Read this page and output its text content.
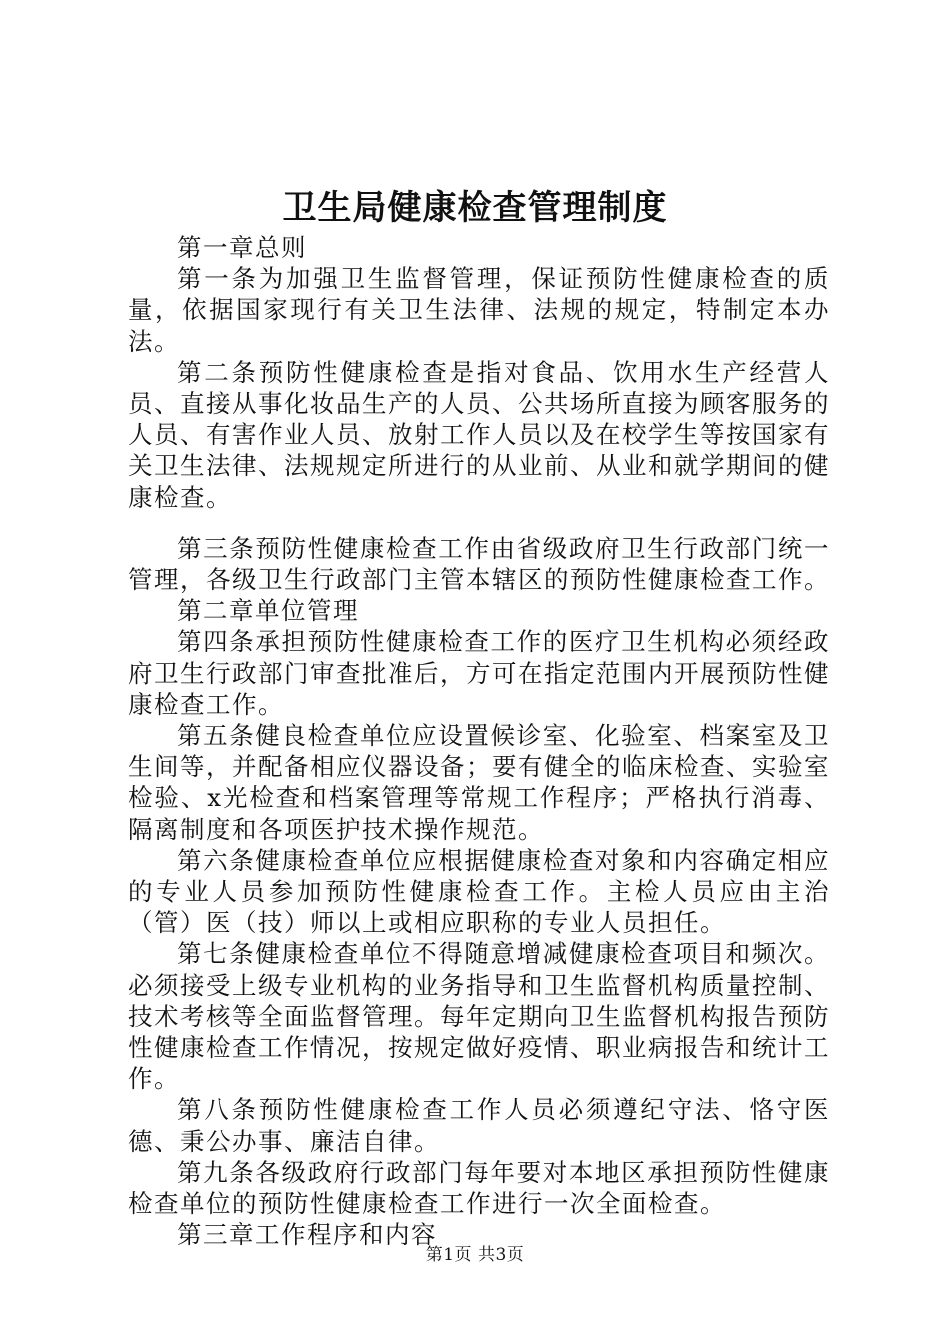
卫生局健康检查管理制度

第一章总则

第一条为加强卫生监督管理，保证预防性健康检查的质量，依据国家现行有关卫生法律、法规的规定，特制定本办法。

第二条预防性健康检查是指对食品、饮用水生产经营人员、直接从事化妆品生产的人员、公共场所直接为顾客服务的人员、有害作业人员、放射工作人员以及在校学生等按国家有关卫生法律、法规规定所进行的从业前、从业和就学期间的健康检查。

第三条预防性健康检查工作由省级政府卫生行政部门统一管理，各级卫生行政部门主管本辖区的预防性健康检查工作。

第二章单位管理

第四条承担预防性健康检查工作的医疗卫生机构必须经政府卫生行政部门审查批准后，方可在指定范围内开展预防性健康检查工作。

第五条健良检查单位应设置候诊室、化验室、档案室及卫生间等，并配备相应仪器设备；要有健全的临床检查、实验室检验、x光检查和档案管理等常规工作程序；严格执行消毒、隔离制度和各项医护技术操作规范。

第六条健康检查单位应根据健康检查对象和内容确定相应的专业人员参加预防性健康检查工作。主检人员应由主治（管）医（技）师以上或相应职称的专业人员担任。

第七条健康检查单位不得随意增减健康检查项目和频次。必须接受上级专业机构的业务指导和卫生监督机构质量控制、技术考核等全面监督管理。每年定期向卫生监督机构报告预防性健康检查工作情况，按规定做好疫情、职业病报告和统计工作。

第八条预防性健康检查工作人员必须遵纪守法、恪守医德、秉公办事、廉洁自律。

第九条各级政府行政部门每年要对本地区承担预防性健康检查单位的预防性健康检查工作进行一次全面检查。

第三章工作程序和内容

第1页 共3页
